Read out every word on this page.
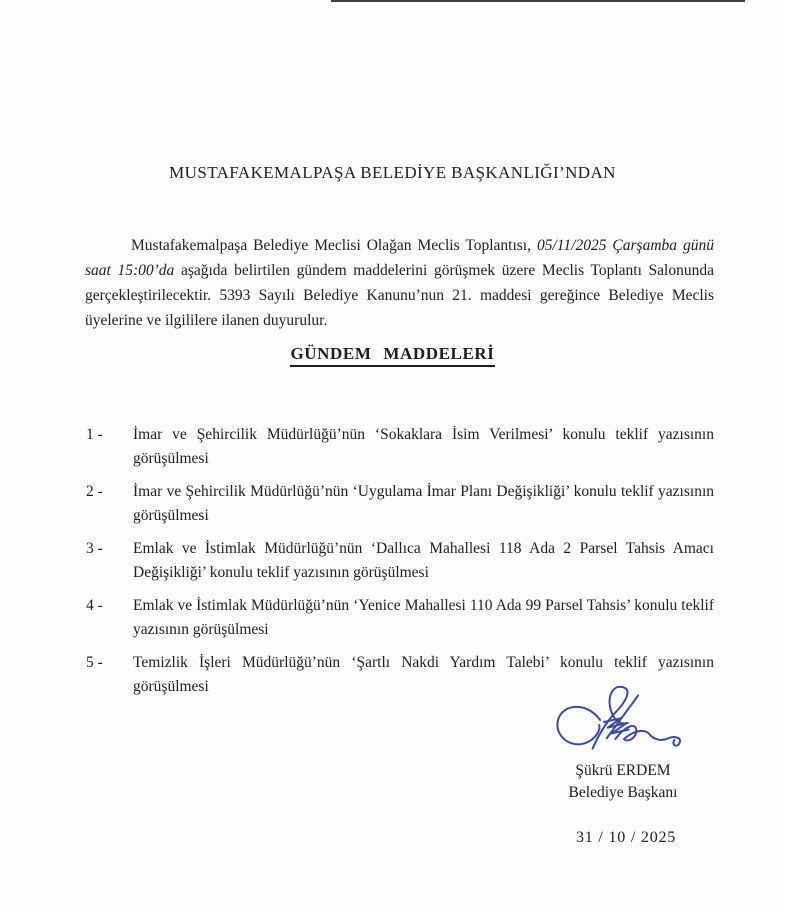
MUSTAFAKEMALPAŞA BELEDİYE BAŞKANLIĞI’NDAN

Mustafakemalpaşa Belediye Meclisi Olağan Meclis Toplantısı, 05/11/2025 Çarşamba günü saat 15:00’da aşağıda belirtilen gündem maddelerini görüşmek üzere Meclis Toplantı Salonunda gerçekleştirilecektir. 5393 Sayılı Belediye Kanunu’nun 21. maddesi gereğince Belediye Meclis üyelerine ve ilgililere ilanen duyurulur.

GÜNDEM MADDELERİ
1 -	İmar ve Şehircilik Müdürlüğü’nün ‘Sokaklara İsim Verilmesi’ konulu teklif yazısının görüşülmesi
2 -	İmar ve Şehircilik Müdürlüğü’nün ‘Uygulama İmar Planı Değişikliği’ konulu teklif yazısının görüşülmesi
3 -	Emlak ve İstimlak Müdürlüğü’nün ‘Dallıca Mahallesi 118 Ada 2 Parsel Tahsis Amacı Değişikliği’ konulu teklif yazısının görüşülmesi
4 -	Emlak ve İstimlak Müdürlüğü’nün ‘Yenice Mahallesi 110 Ada 99 Parsel Tahsis’ konulu teklif yazısının görüşülmesi
5 -	Temizlik İşleri Müdürlüğü’nün ‘Şartlı Nakdi Yardım Talebi’ konulu teklif yazısının görüşülmesi
Şükrü ERDEM
Belediye Başkanı
31 / 10 / 2025
